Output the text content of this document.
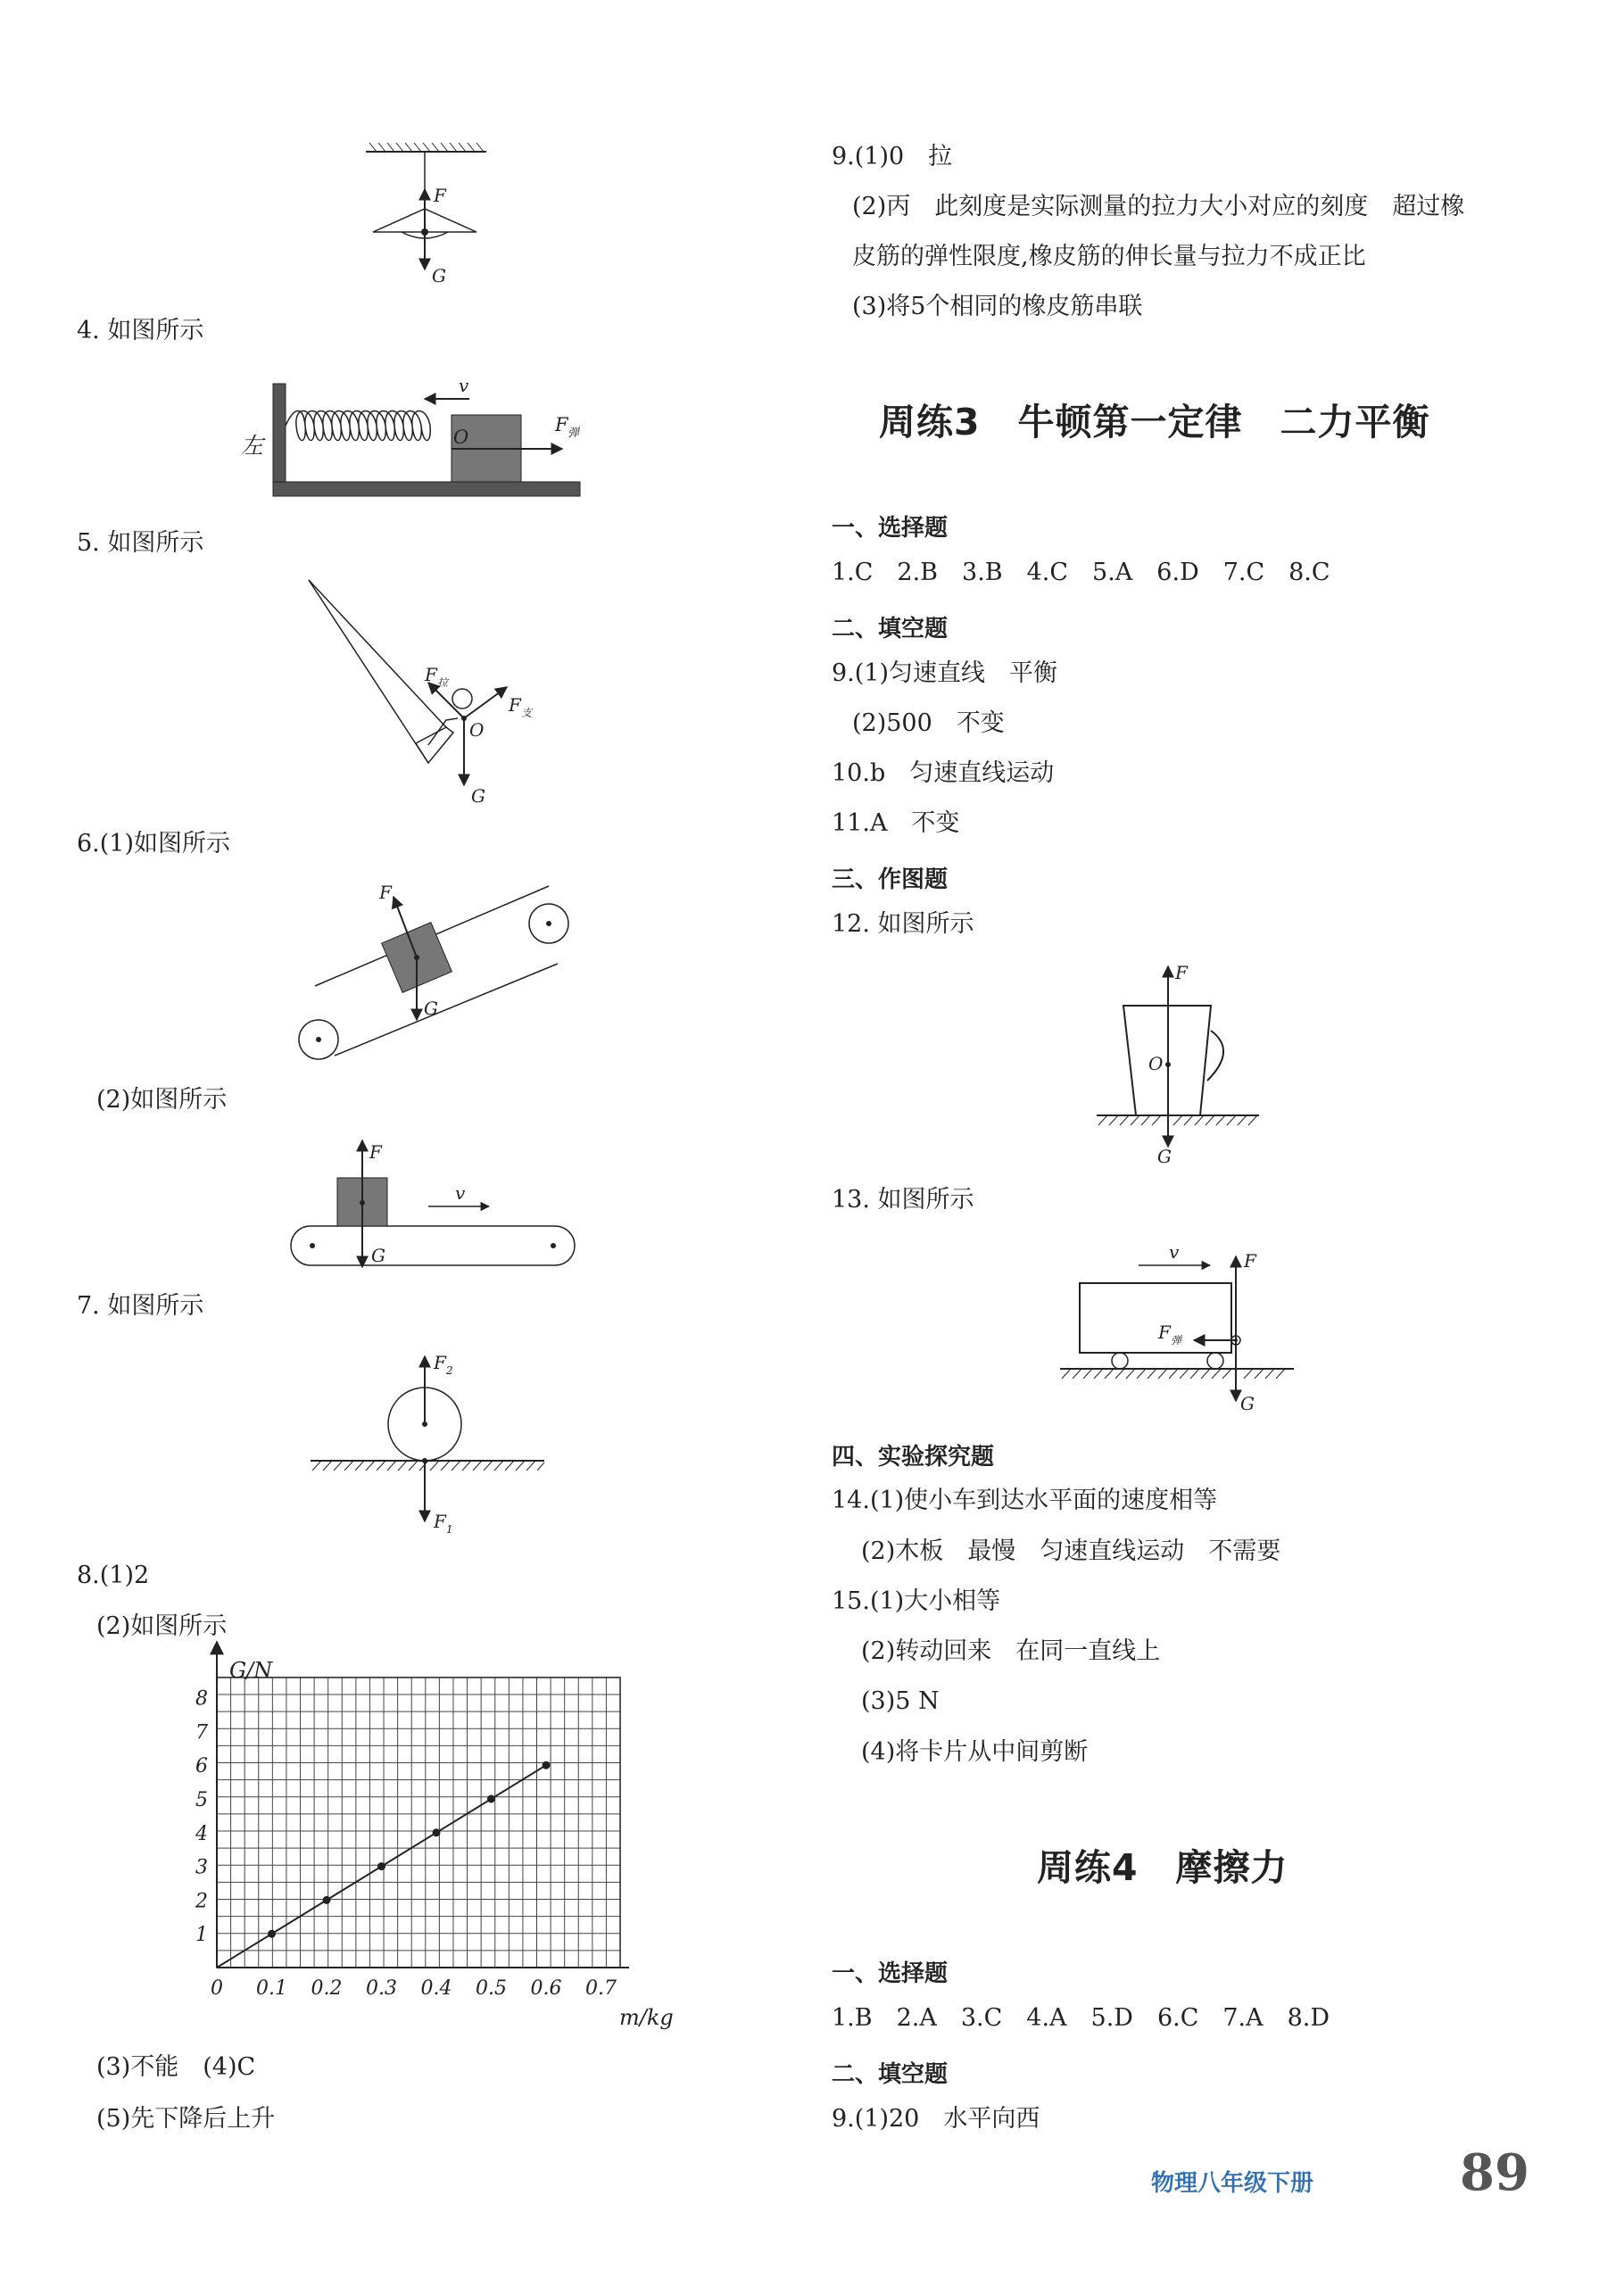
F
G
4. 如图所示
左
v
O
F 弹
5. 如图所示
F 拉
F 支
O
G
6.(1)如图所示
F
G
(2)如图所示
F
v
G
7. 如图所示
F 2
F 1
8.(1)2
(2)如图所示
0 0.1 0.2 0.3 0.4 0.5 0.6 0.7
1
2
3
4
5
6
7
8
G/N
m/kg
(3)不能　(4)C
(5)先下降后上升
9.(1)0　拉
(2)丙　此刻度是实际测量的拉力大小对应的刻度　超过橡
皮筋的弹性限度,橡皮筋的伸长量与拉力不成正比
(3)将5个相同的橡皮筋串联
周练3　牛顿第一定律　二力平衡
一、选择题
1.C　2.B　3.B　4.C　5.A　6.D　7.C　8.C
二、填空题
9.(1)匀速直线　平衡
(2)500　不变
10.b　匀速直线运动
11.A　不变
三、作图题
12. 如图所示
F
O
G
13. 如图所示
v	F
F 弹
G
四、实验探究题
14.(1)使小车到达水平面的速度相等
(2)木板　最慢　匀速直线运动　不需要
15.(1)大小相等
(2)转动回来　在同一直线上
(3)5 N
(4)将卡片从中间剪断
周练4　摩擦力
一、选择题
1.B　2.A　3.C　4.A　5.D　6.C　7.A　8.D
二、填空题
9.(1)20　水平向西
物理八年级下册	89
